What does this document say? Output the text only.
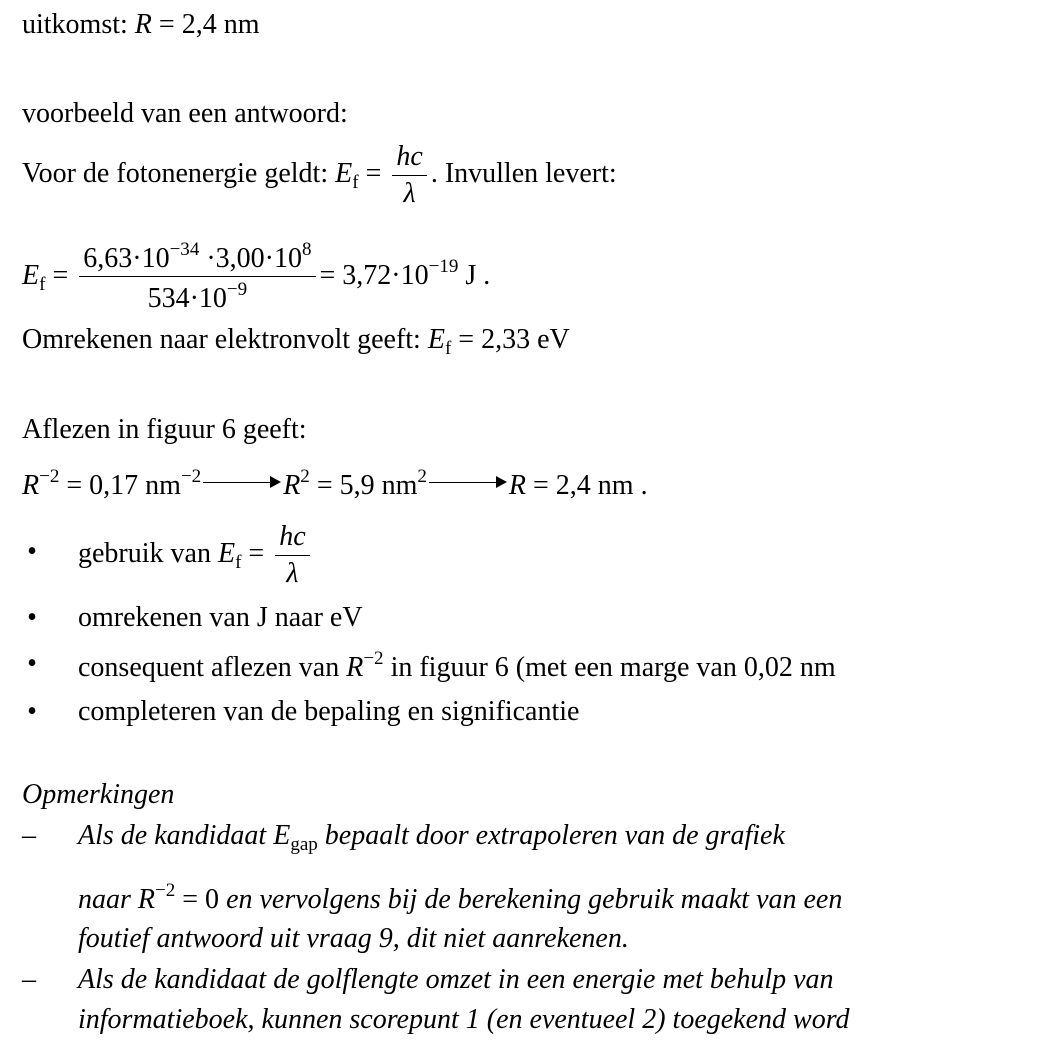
uitkomst: R = 2,4 nm
voorbeeld van een antwoord:
Voor de fotonenergie geldt: $E_f = \frac{hc}{\lambda}$ . Invullen levert:
$E_f = \frac{6,63\cdot 10^{-34} \cdot 3,00\cdot 10^8}{534\cdot 10^{-9}} = 3,72\cdot 10^{-19}$ J .
Omrekenen naar elektronvolt geeft: $E_f = 2,33$ eV
Aflezen in figuur 6 geeft:
$R^{-2} = 0,17$ $nm^{-2}$	$R^2 = 5,9$ $nm^2$	R = 2,4 nm .
• gebruik van $E_f = \frac{hc}{\lambda}$
• omrekenen van J naar eV
• consequent aflezen van $R^{-2}$ in figuur 6 (met een marge van 0,02 nm
• completeren van de bepaling en significantie
Opmerkingen
– Als de kandidaat $E_{gap}$ bepaalt door extrapoleren van de grafiek
naar $R^{-2} = 0$ en vervolgens bij de berekening gebruik maakt van een
foutief antwoord uit vraag 9, dit niet aanrekenen.
– Als de kandidaat de golflengte omzet in een energie met behulp van
informatieboek, kunnen scorepunt 1 (en eventueel 2) toegekend word
